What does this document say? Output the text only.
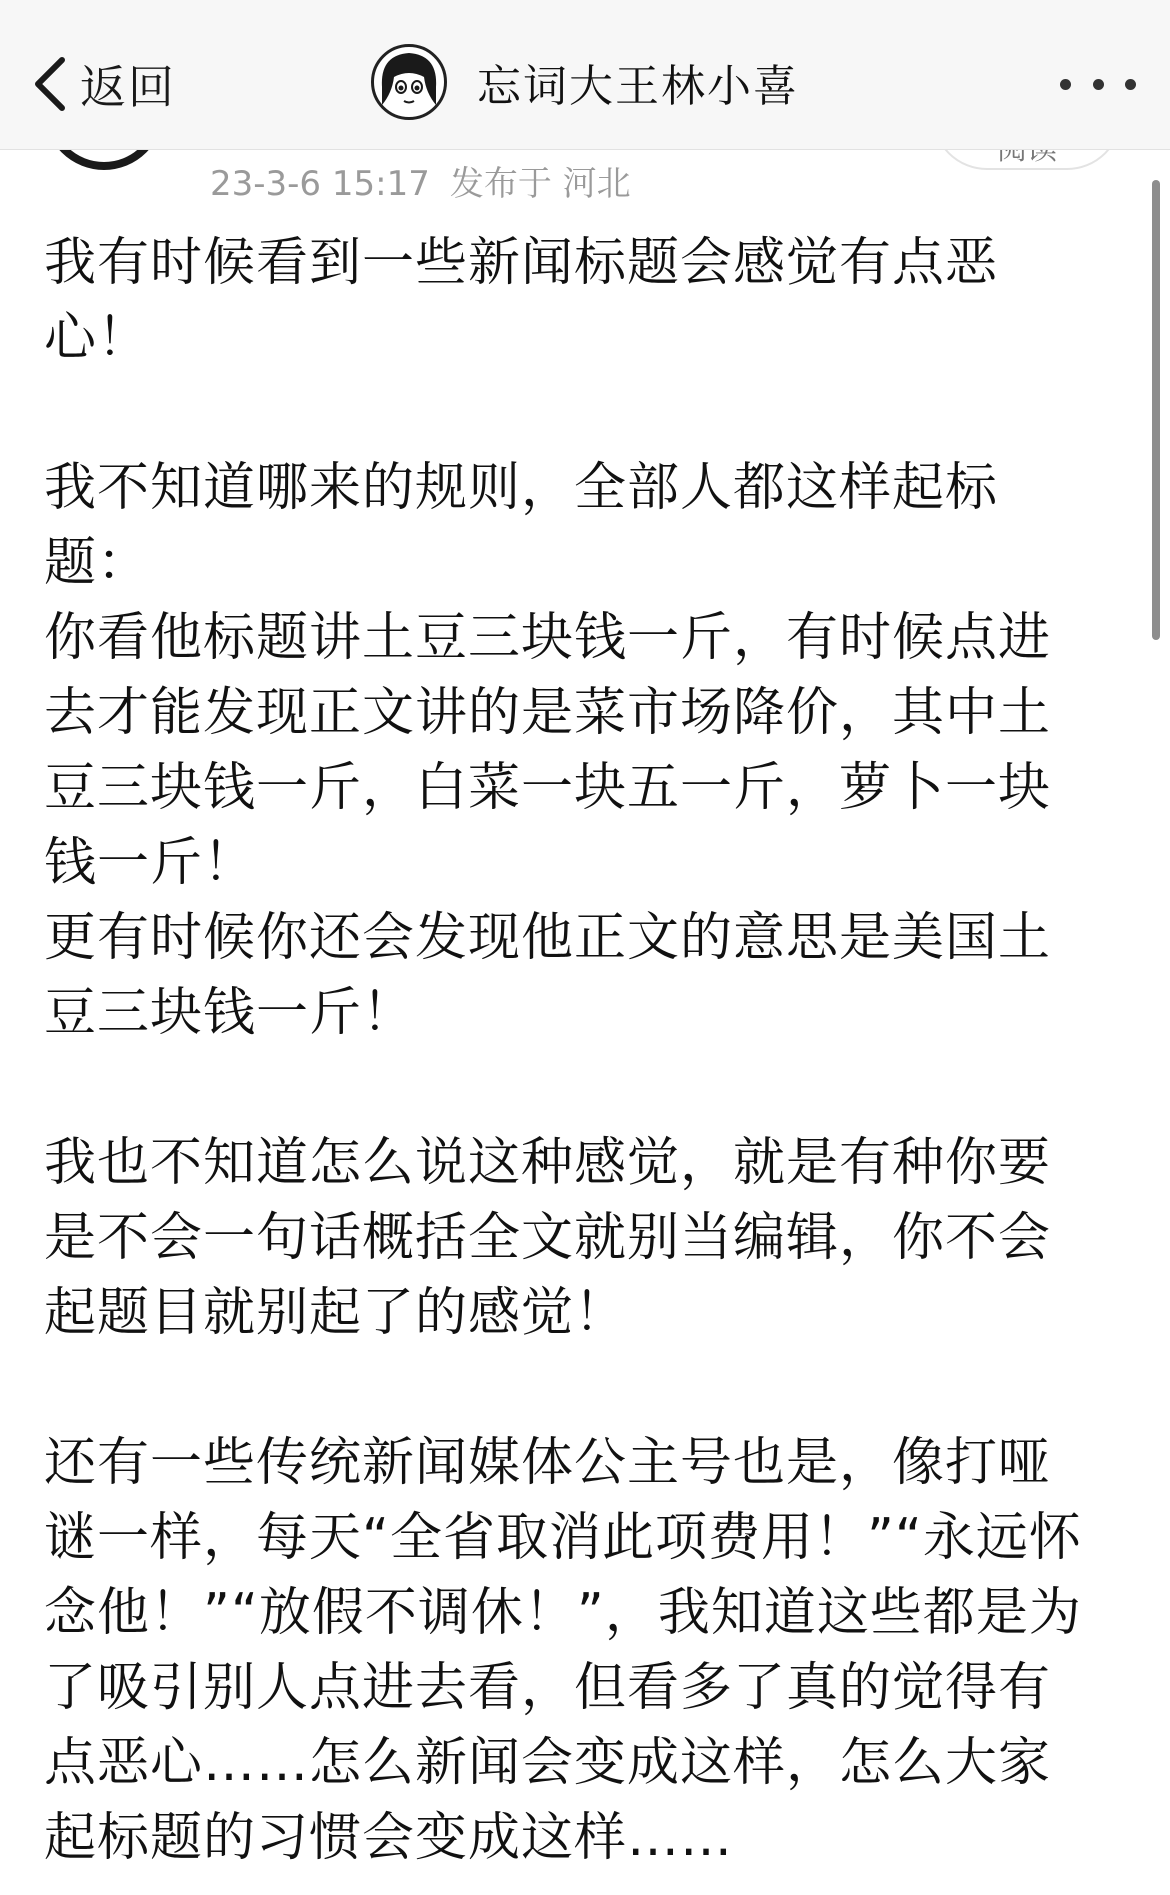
返回	忘词大王林小喜
23-3-6 15:17 发布于 河北

我有时候看到一些新闻标题会感觉有点恶
心！

我不知道哪来的规则，全部人都这样起标
题：
你看他标题讲土豆三块钱一斤，有时候点进
去才能发现正文讲的是菜市场降价，其中土
豆三块钱一斤，白菜一块五一斤，萝卜一块
钱一斤！
更有时候你还会发现他正文的意思是美国土
豆三块钱一斤！

我也不知道怎么说这种感觉，就是有种你要
是不会一句话概括全文就别当编辑，你不会
起题目就别起了的感觉！

还有一些传统新闻媒体公主号也是，像打哑
谜一样，每天“全省取消此项费用！”“永远怀
念他！”“放假不调休！”，我知道这些都是为
了吸引别人点进去看，但看多了真的觉得有
点恶心……怎么新闻会变成这样，怎么大家
起标题的习惯会变成这样……
